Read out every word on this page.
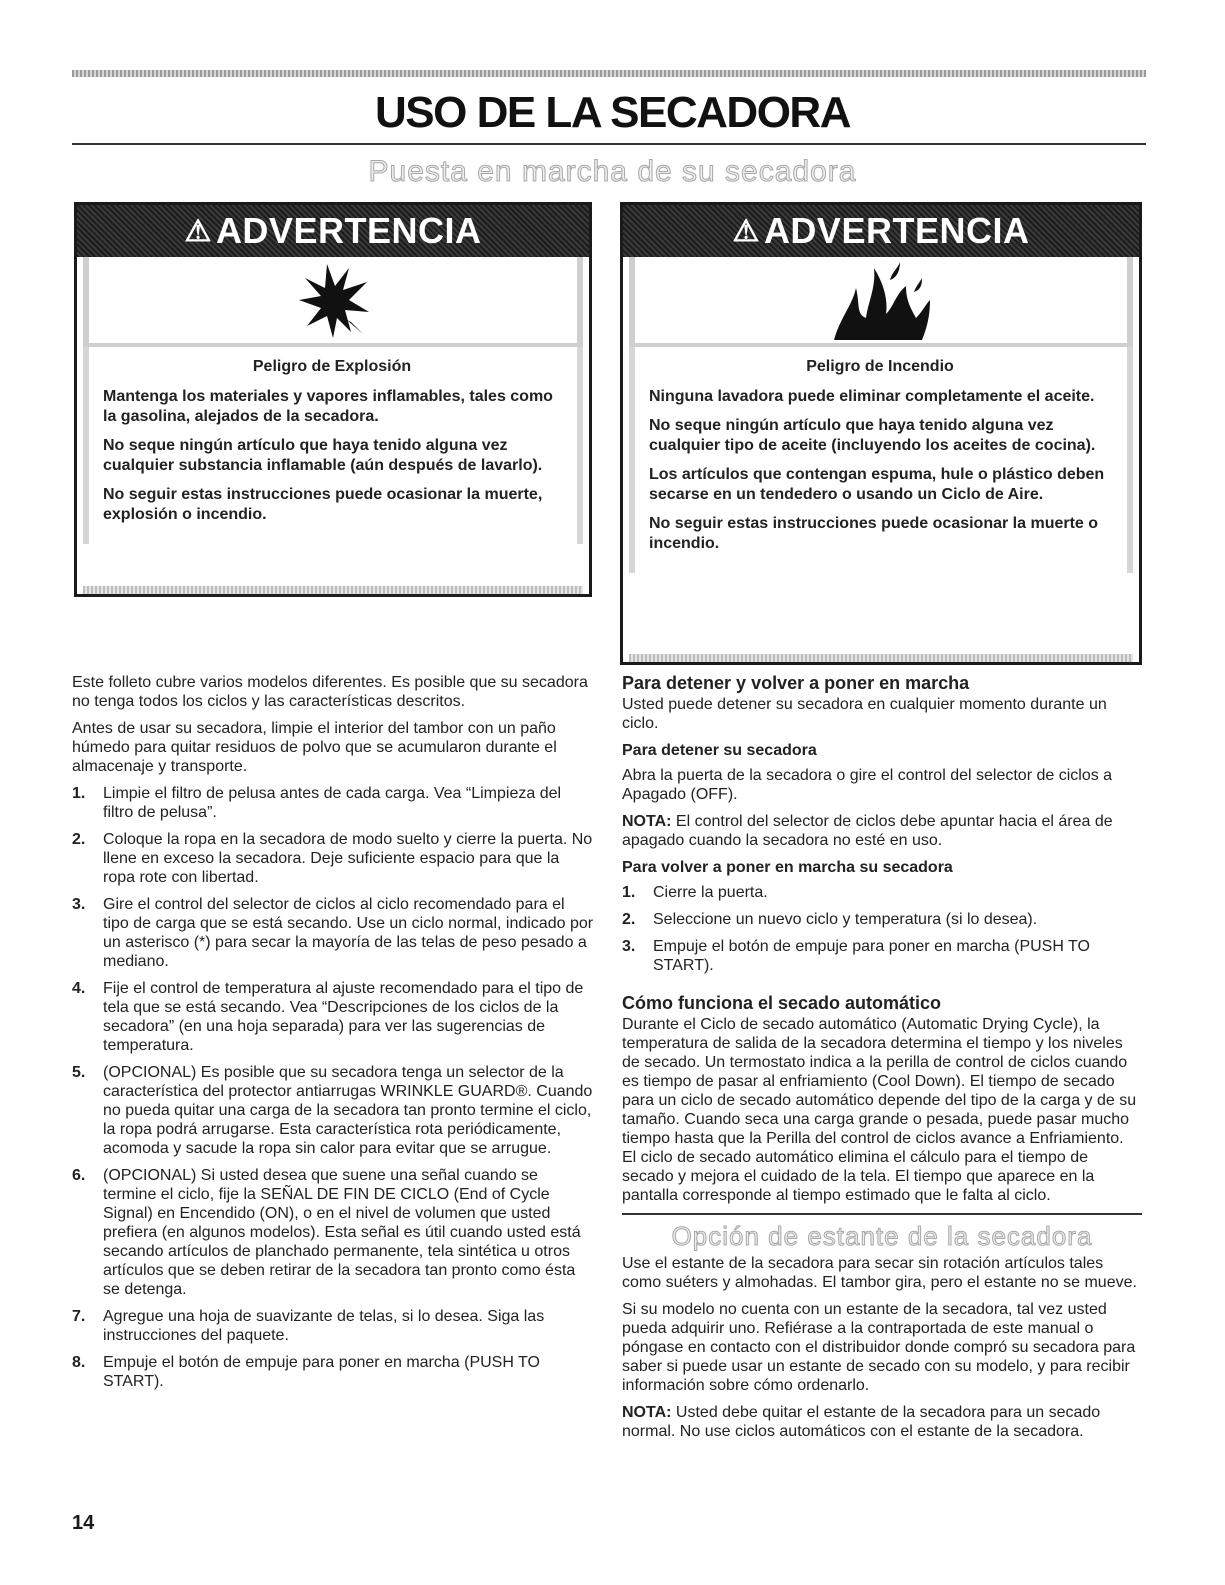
USO DE LA SECADORA
Puesta en marcha de su secadora
⚠ ADVERTENCIA

Peligro de Explosión

Mantenga los materiales y vapores inflamables, tales como la gasolina, alejados de la secadora.

No seque ningún artículo que haya tenido alguna vez cualquier substancia inflamable (aún después de lavarlo).

No seguir estas instrucciones puede ocasionar la muerte, explosión o incendio.

⚠ ADVERTENCIA

Peligro de Incendio

Ninguna lavadora puede eliminar completamente el aceite.

No seque ningún artículo que haya tenido alguna vez cualquier tipo de aceite (incluyendo los aceites de cocina).

Los artículos que contengan espuma, hule o plástico deben secarse en un tendedero o usando un Ciclo de Aire.

No seguir estas instrucciones puede ocasionar la muerte o incendio.

Este folleto cubre varios modelos diferentes. Es posible que su secadora no tenga todos los ciclos y las características descritos.

Antes de usar su secadora, limpie el interior del tambor con un paño húmedo para quitar residuos de polvo que se acumularon durante el almacenaje y transporte.

1. Limpie el filtro de pelusa antes de cada carga. Vea “Limpieza del filtro de pelusa”.
2. Coloque la ropa en la secadora de modo suelto y cierre la puerta. No llene en exceso la secadora. Deje suficiente espacio para que la ropa rote con libertad.
3. Gire el control del selector de ciclos al ciclo recomendado para el tipo de carga que se está secando. Use un ciclo normal, indicado por un asterisco (*) para secar la mayoría de las telas de peso pesado a mediano.
4. Fije el control de temperatura al ajuste recomendado para el tipo de tela que se está secando. Vea “Descripciones de los ciclos de la secadora” (en una hoja separada) para ver las sugerencias de temperatura.
5. (OPCIONAL) Es posible que su secadora tenga un selector de la característica del protector antiarrugas WRINKLE GUARD®. Cuando no pueda quitar una carga de la secadora tan pronto termine el ciclo, la ropa podrá arrugarse. Esta característica rota periódicamente, acomoda y sacude la ropa sin calor para evitar que se arrugue.
6. (OPCIONAL) Si usted desea que suene una señal cuando se termine el ciclo, fije la SEÑAL DE FIN DE CICLO (End of Cycle Signal) en Encendido (ON), o en el nivel de volumen que usted prefiera (en algunos modelos). Esta señal es útil cuando usted está secando artículos de planchado permanente, tela sintética u otros artículos que se deben retirar de la secadora tan pronto como ésta se detenga.
7. Agregue una hoja de suavizante de telas, si lo desea. Siga las instrucciones del paquete.
8. Empuje el botón de empuje para poner en marcha (PUSH TO START).
Para detener y volver a poner en marcha

Usted puede detener su secadora en cualquier momento durante un ciclo.

Para detener su secadora

Abra la puerta de la secadora o gire el control del selector de ciclos a Apagado (OFF).

NOTA: El control del selector de ciclos debe apuntar hacia el área de apagado cuando la secadora no esté en uso.

Para volver a poner en marcha su secadora
1. Cierre la puerta.
2. Seleccione un nuevo ciclo y temperatura (si lo desea).
3. Empuje el botón de empuje para poner en marcha (PUSH TO START).
Cómo funciona el secado automático

Durante el Ciclo de secado automático (Automatic Drying Cycle), la temperatura de salida de la secadora determina el tiempo y los niveles de secado. Un termostato indica a la perilla de control de ciclos cuando es tiempo de pasar al enfriamiento (Cool Down). El tiempo de secado para un ciclo de secado automático depende del tipo de la carga y de su tamaño. Cuando seca una carga grande o pesada, puede pasar mucho tiempo hasta que la Perilla del control de ciclos avance a Enfriamiento. El ciclo de secado automático elimina el cálculo para el tiempo de secado y mejora el cuidado de la tela. El tiempo que aparece en la pantalla corresponde al tiempo estimado que le falta al ciclo.

Opción de estante de la secadora

Use el estante de la secadora para secar sin rotación artículos tales como suéters y almohadas. El tambor gira, pero el estante no se mueve.

Si su modelo no cuenta con un estante de la secadora, tal vez usted pueda adquirir uno. Refiérase a la contraportada de este manual o póngase en contacto con el distribuidor donde compró su secadora para saber si puede usar un estante de secado con su modelo, y para recibir información sobre cómo ordenarlo.

NOTA: Usted debe quitar el estante de la secadora para un secado normal. No use ciclos automáticos con el estante de la secadora.

14
